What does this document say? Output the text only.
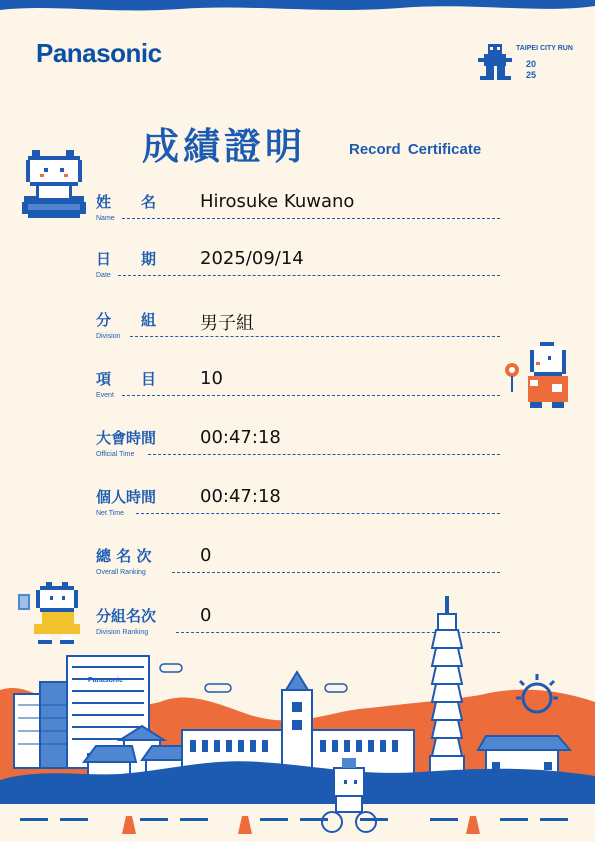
Panasonic	TAIPEI CITY RUN
20
25
成績證明	Record Certificate
姓　　名
Name
Hirosuke Kuwano
日　　期
Date
2025/09/14
分　　組
Division
男子組
項　　目
Event
10
大會時間
Official Time
00:47:18
個人時間
Net Time
00:47:18
總 名 次
Overall Ranking
0
分組名次
Division Ranking
0
Panasonic
